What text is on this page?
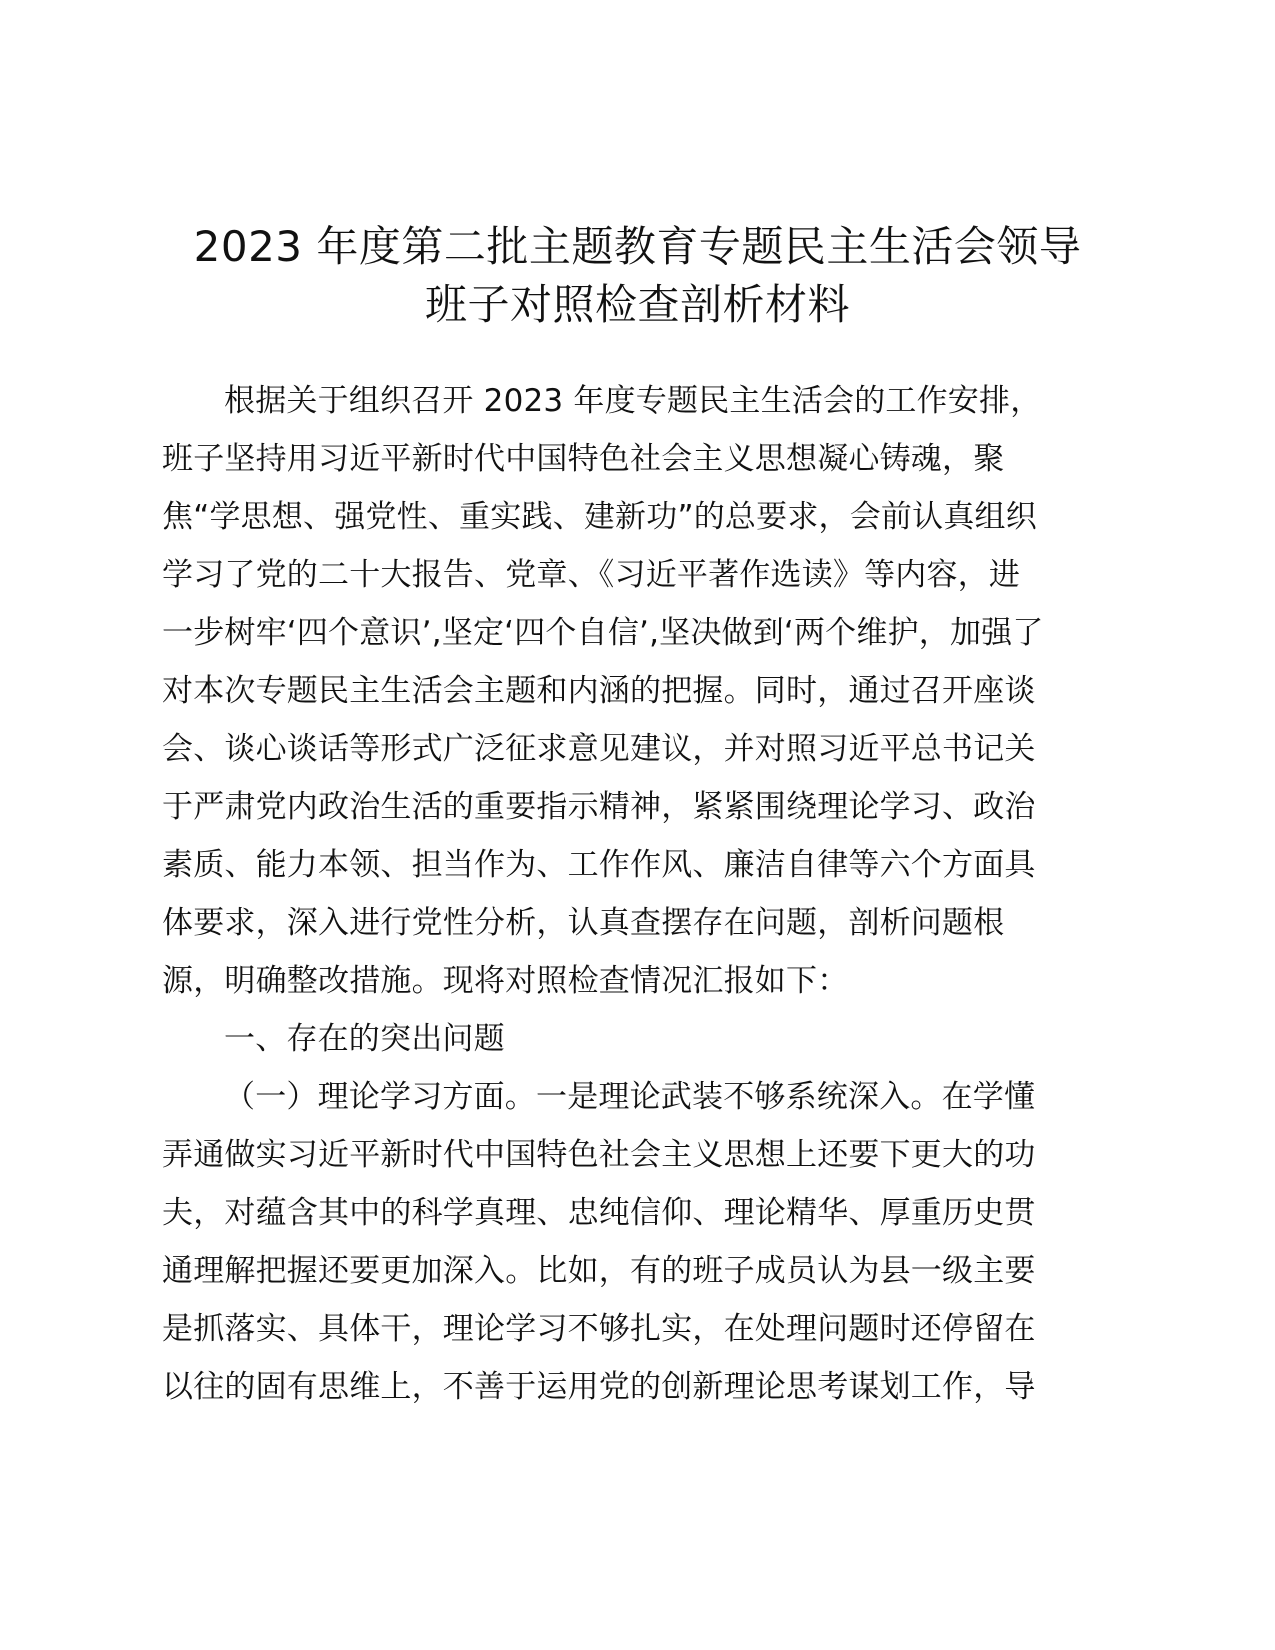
2023 年度第二批主题教育专题民主生活会领导
班子对照检查剖析材料
根据关于组织召开 2023 年度专题民主生活会的工作安排，
班子坚持用习近平新时代中国特色社会主义思想凝心铸魂，聚
焦“学思想、强党性、重实践、建新功”的总要求，会前认真组织
学习了党的二十大报告、党章、《习近平著作选读》等内容，进
一步树牢‘四个意识’,坚定‘四个自信’,坚决做到‘两个维护，加强了
对本次专题民主生活会主题和内涵的把握。同时，通过召开座谈
会、谈心谈话等形式广泛征求意见建议，并对照习近平总书记关
于严肃党内政治生活的重要指示精神，紧紧围绕理论学习、政治
素质、能力本领、担当作为、工作作风、廉洁自律等六个方面具
体要求，深入进行党性分析，认真查摆存在问题，剖析问题根
源，明确整改措施。现将对照检查情况汇报如下：
一、存在的突出问题
（一）理论学习方面。一是理论武装不够系统深入。在学懂
弄通做实习近平新时代中国特色社会主义思想上还要下更大的功
夫，对蕴含其中的科学真理、忠纯信仰、理论精华、厚重历史贯
通理解把握还要更加深入。比如，有的班子成员认为县一级主要
是抓落实、具体干，理论学习不够扎实，在处理问题时还停留在
以往的固有思维上，不善于运用党的创新理论思考谋划工作，导
